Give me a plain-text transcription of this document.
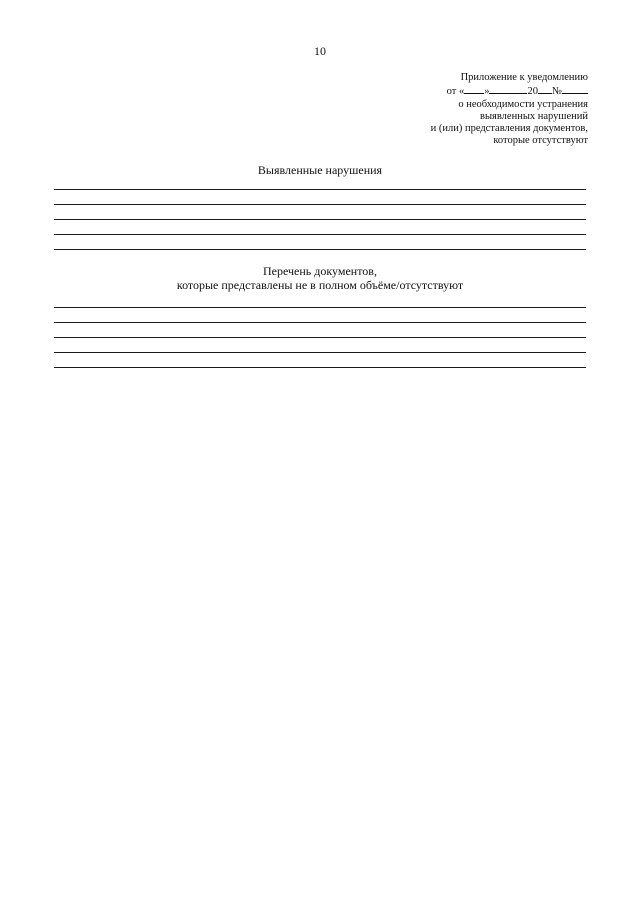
10
Приложение к уведомлению
от « »	20 №
о необходимости устранения
выявленных нарушений
и (или) представления документов,
которые отсутствуют
Выявленные нарушения
Перечень документов,
которые представлены не в полном объёме/отсутствуют
